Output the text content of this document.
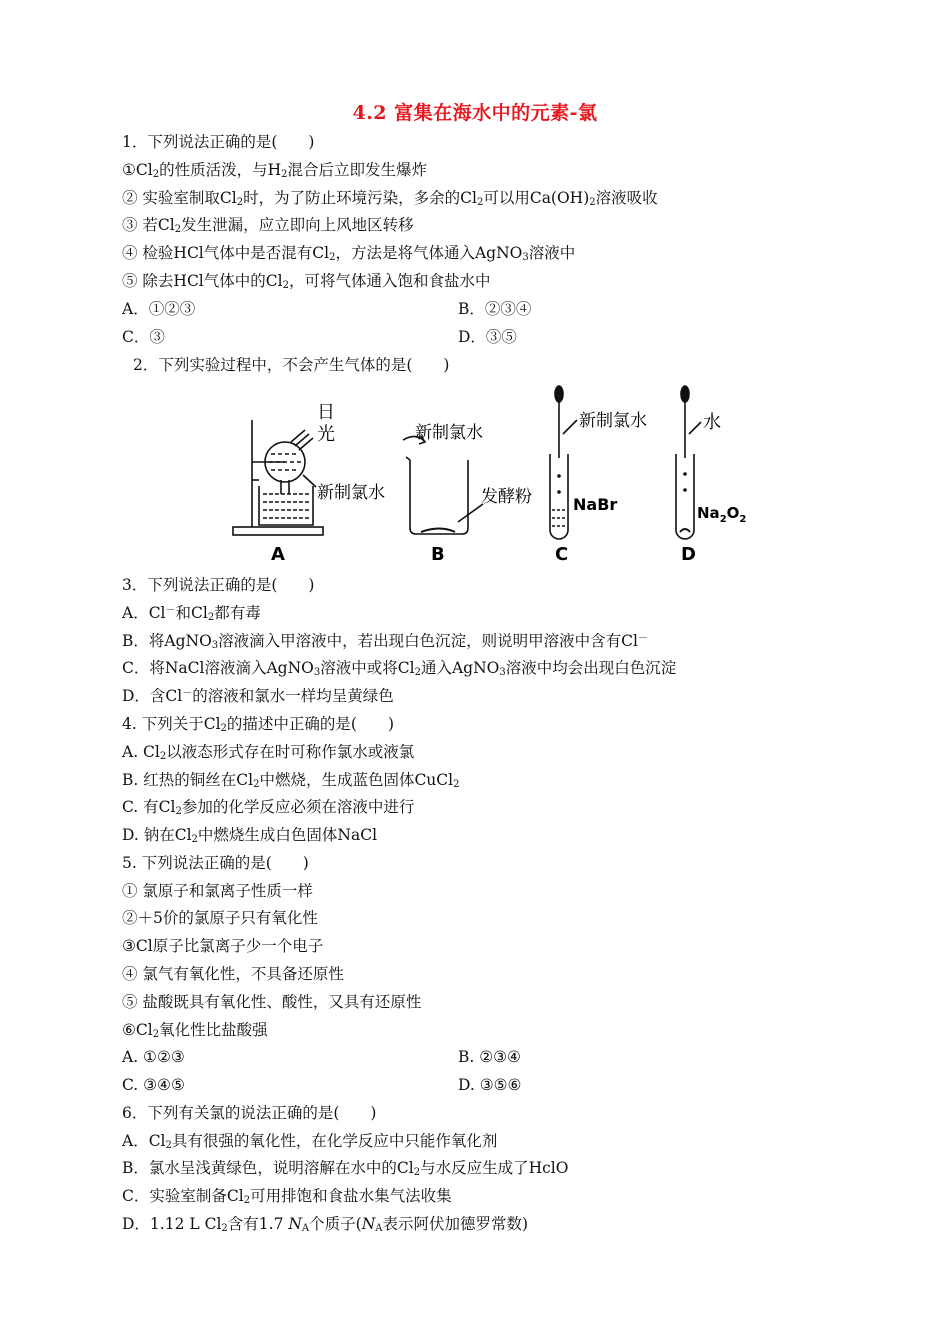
4.2 富集在海水中的元素-氯
1．下列说法正确的是(　　)
$①Cl_2$的性质活泼，与$H_2$混合后立即发生爆炸
② 实验室制取$Cl_2$时，为了防止环境污染，多余的$Cl_2$可以用$Ca(OH)_2$溶液吸收
③ 若$Cl_2$发生泄漏，应立即向上风地区转移
④ 检验HCl气体中是否混有$Cl_2$，方法是将气体通入AgNO$_3$溶液中
⑤ 除去HCl气体中的$Cl_2$，可将气体通入饱和食盐水中
A．①②③	B．②③④
C．③	D．③⑤
2．下列实验过程中，不会产生气体的是(　　)
日
光
新制氯水
新制氯水
发酵粉
新制氯水
NaBr
水
$Na_2O_2$
A	B	C	D
3．下列说法正确的是(　　)
A．Cl－和$Cl_2$都有毒
B．将AgNO$_3$溶液滴入甲溶液中，若出现白色沉淀，则说明甲溶液中含有Cl－
C．将NaCl溶液滴入AgNO$_3$溶液中或将$Cl_2$通入AgNO$_3$溶液中均会出现白色沉淀
D．含Cl－的溶液和氯水一样均呈黄绿色
4. 下列关于$Cl_2$的描述中正确的是(　　)
A. $Cl_2$以液态形式存在时可称作氯水或液氯
B. 红热的铜丝在$Cl_2$中燃烧，生成蓝色固体CuCl$_2$
C. 有$Cl_2$参加的化学反应必须在溶液中进行
D. 钠在$Cl_2$中燃烧生成白色固体NaCl
5. 下列说法正确的是(　　)
① 氯原子和氯离子性质一样
②＋5价的氯原子只有氧化性
③Cl原子比氯离子少一个电子
④ 氯气有氧化性，不具备还原性
⑤ 盐酸既具有氧化性、酸性，又具有还原性
$⑥Cl_2$氧化性比盐酸强
A. ①②③	B. ②③④
C. ③④⑤	D. ③⑤⑥
6．下列有关氯的说法正确的是(　　)
A．$Cl_2$具有很强的氧化性，在化学反应中只能作氧化剂
B．氯水呈浅黄绿色，说明溶解在水中的$Cl_2$与水反应生成了HclO
C．实验室制备$Cl_2$可用排饱和食盐水集气法收集
D．1.12 L $Cl_2$含有1.7 $N_A$个质子($N_A$表示阿伏加德罗常数)
